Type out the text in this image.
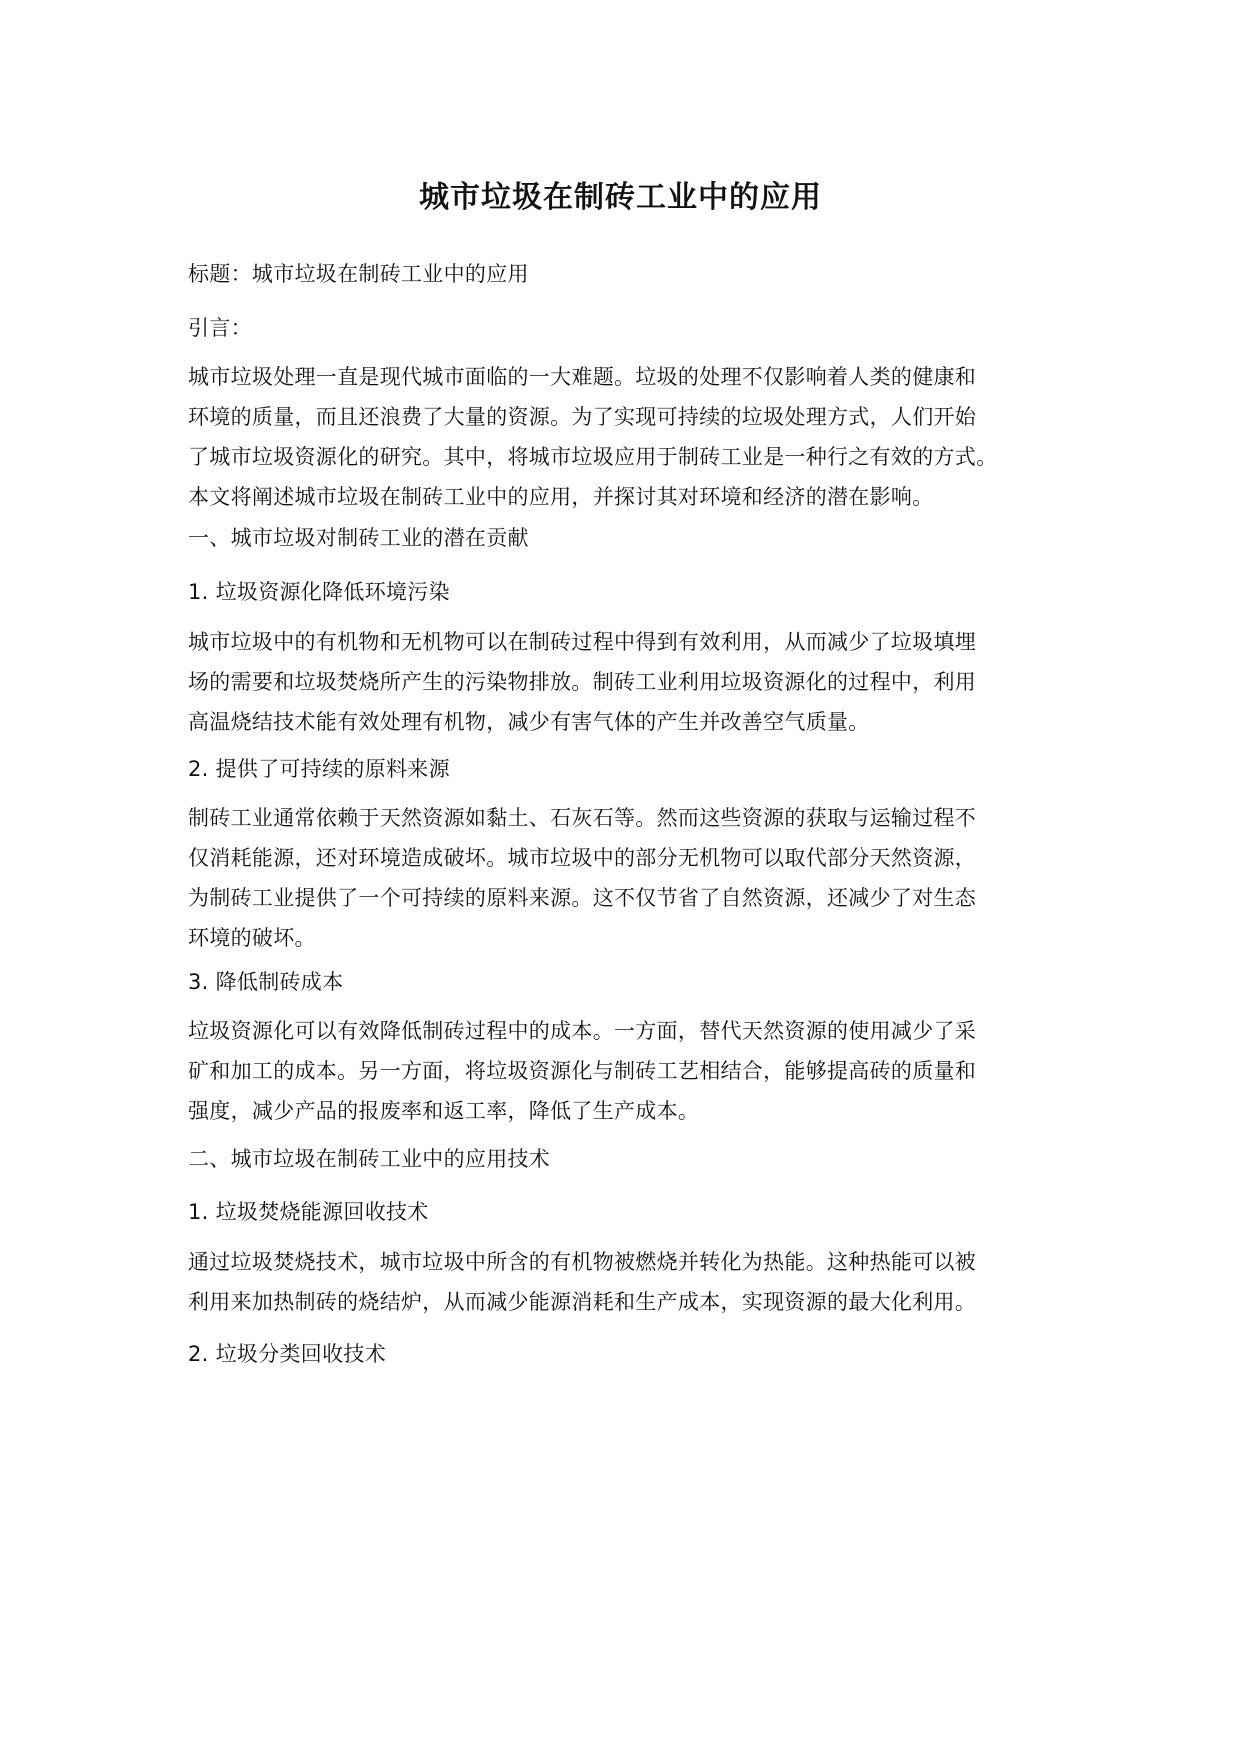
城市垃圾在制砖工业中的应用

标题：城市垃圾在制砖工业中的应用

引言：

城市垃圾处理一直是现代城市面临的一大难题。垃圾的处理不仅影响着人类的健康和
环境的质量，而且还浪费了大量的资源。为了实现可持续的垃圾处理方式，人们开始
了城市垃圾资源化的研究。其中，将城市垃圾应用于制砖工业是一种行之有效的方式。
本文将阐述城市垃圾在制砖工业中的应用，并探讨其对环境和经济的潜在影响。

一、城市垃圾对制砖工业的潜在贡献

1. 垃圾资源化降低环境污染

城市垃圾中的有机物和无机物可以在制砖过程中得到有效利用，从而减少了垃圾填埋
场的需要和垃圾焚烧所产生的污染物排放。制砖工业利用垃圾资源化的过程中，利用
高温烧结技术能有效处理有机物，减少有害气体的产生并改善空气质量。

2. 提供了可持续的原料来源

制砖工业通常依赖于天然资源如黏土、石灰石等。然而这些资源的获取与运输过程不
仅消耗能源，还对环境造成破坏。城市垃圾中的部分无机物可以取代部分天然资源，
为制砖工业提供了一个可持续的原料来源。这不仅节省了自然资源，还减少了对生态
环境的破坏。

3. 降低制砖成本

垃圾资源化可以有效降低制砖过程中的成本。一方面，替代天然资源的使用减少了采
矿和加工的成本。另一方面，将垃圾资源化与制砖工艺相结合，能够提高砖的质量和
强度，减少产品的报废率和返工率，降低了生产成本。

二、城市垃圾在制砖工业中的应用技术

1. 垃圾焚烧能源回收技术

通过垃圾焚烧技术，城市垃圾中所含的有机物被燃烧并转化为热能。这种热能可以被
利用来加热制砖的烧结炉，从而减少能源消耗和生产成本，实现资源的最大化利用。

2. 垃圾分类回收技术
